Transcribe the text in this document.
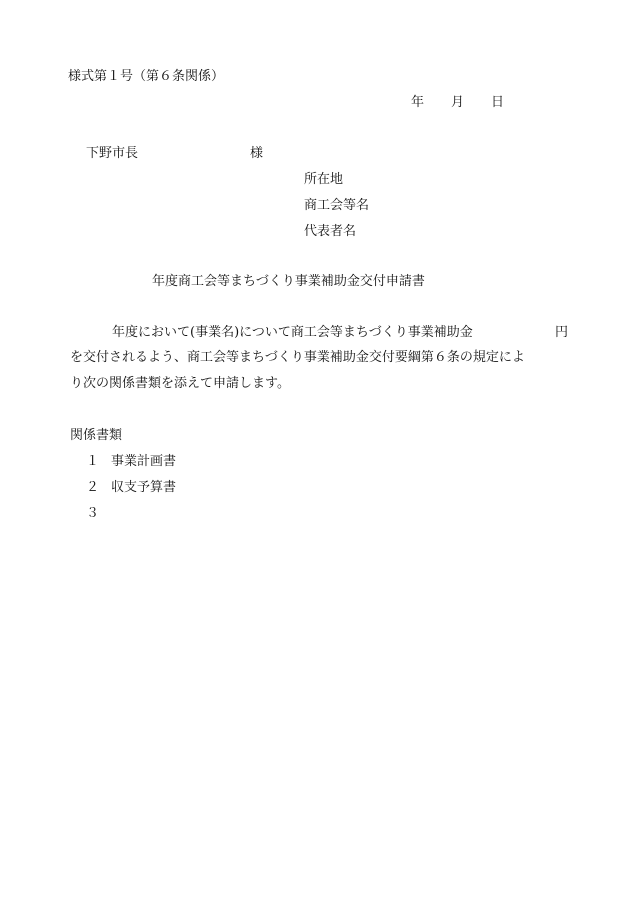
様式第１号（第６条関係）
年 月 日
下野市長	様
所在地
商工会等名
代表者名
年度商工会等まちづくり事業補助金交付申請書
年度において(事業名)について商工会等まちづくり事業補助金	円
を交付されるよう、商工会等まちづくり事業補助金交付要綱第６条の規定によ
り次の関係書類を添えて申請します。
関係書類
１ 事業計画書
２ 収支予算書
３
